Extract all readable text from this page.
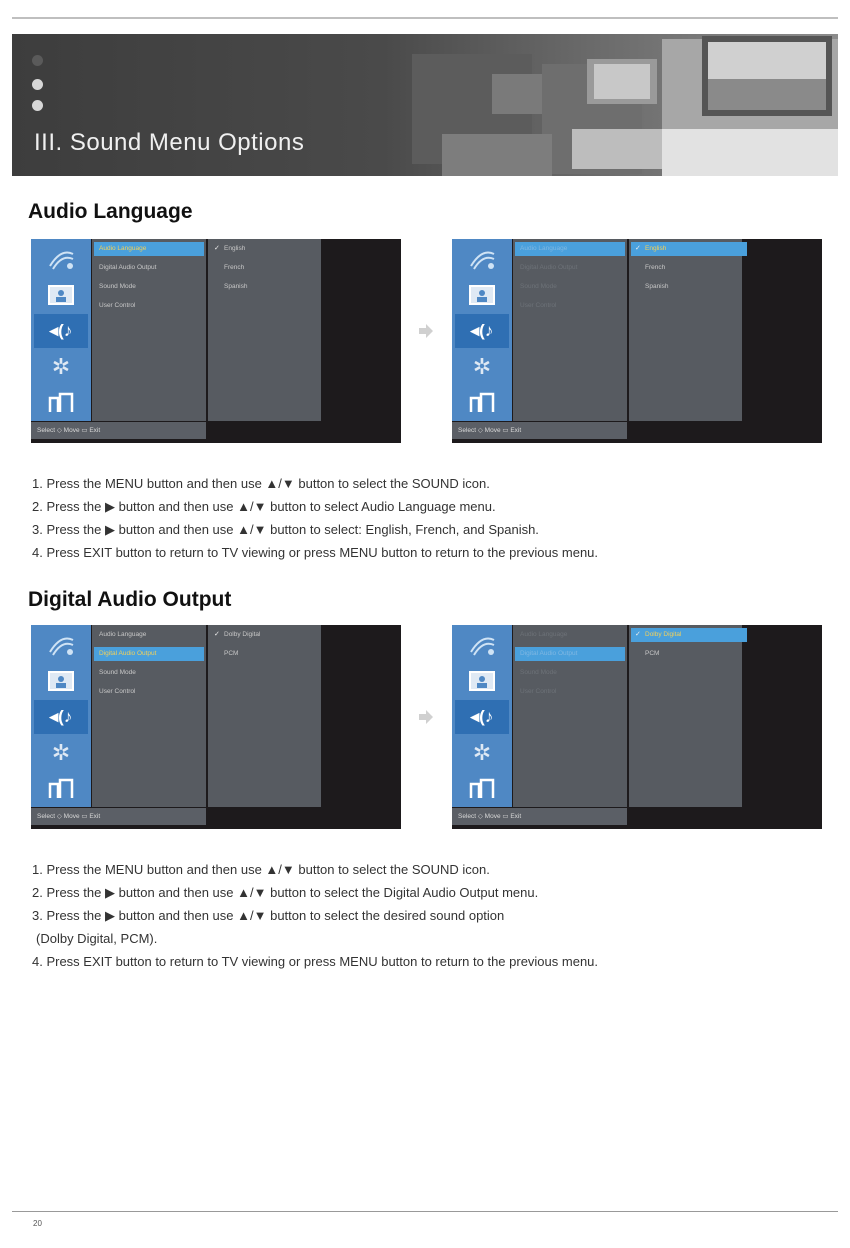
III. Sound Menu Options
Audio Language
◂(♪
✲
Audio Language
Digital Audio Output
Sound Mode
User Control
✓ English
French
Spanish
Select ◇ Move ▭ Exit
◂(♪
✲
Audio Language
Digital Audio Output
Sound Mode
User Control
✓ English
French
Spanish
Select ◇ Move ▭ Exit
1. Press the MENU button and then use ▲/▼ button to select the SOUND icon.
2. Press the ▶ button and then use ▲/▼ button to select Audio Language menu.
3. Press the ▶ button and then use ▲/▼ button to select: English, French, and Spanish.
4. Press EXIT button to return to TV viewing or press MENU button to return to the previous menu.
Digital Audio Output
◂(♪
✲
Audio Language
Digital Audio Output
Sound Mode
User Control
✓ Dolby Digital
PCM
Select ◇ Move ▭ Exit
◂(♪
✲
Audio Language
Digital Audio Output
Sound Mode
User Control
✓ Dolby Digital
PCM
Select ◇ Move ▭ Exit
1. Press the MENU button and then use ▲/▼ button to select the SOUND icon.
2. Press the ▶ button and then use ▲/▼ button to select the Digital Audio Output menu.
3. Press the ▶ button and then use ▲/▼ button to select the desired sound option
(Dolby Digital, PCM).
4. Press EXIT button to return to TV viewing or press MENU button to return to the previous menu.
20
